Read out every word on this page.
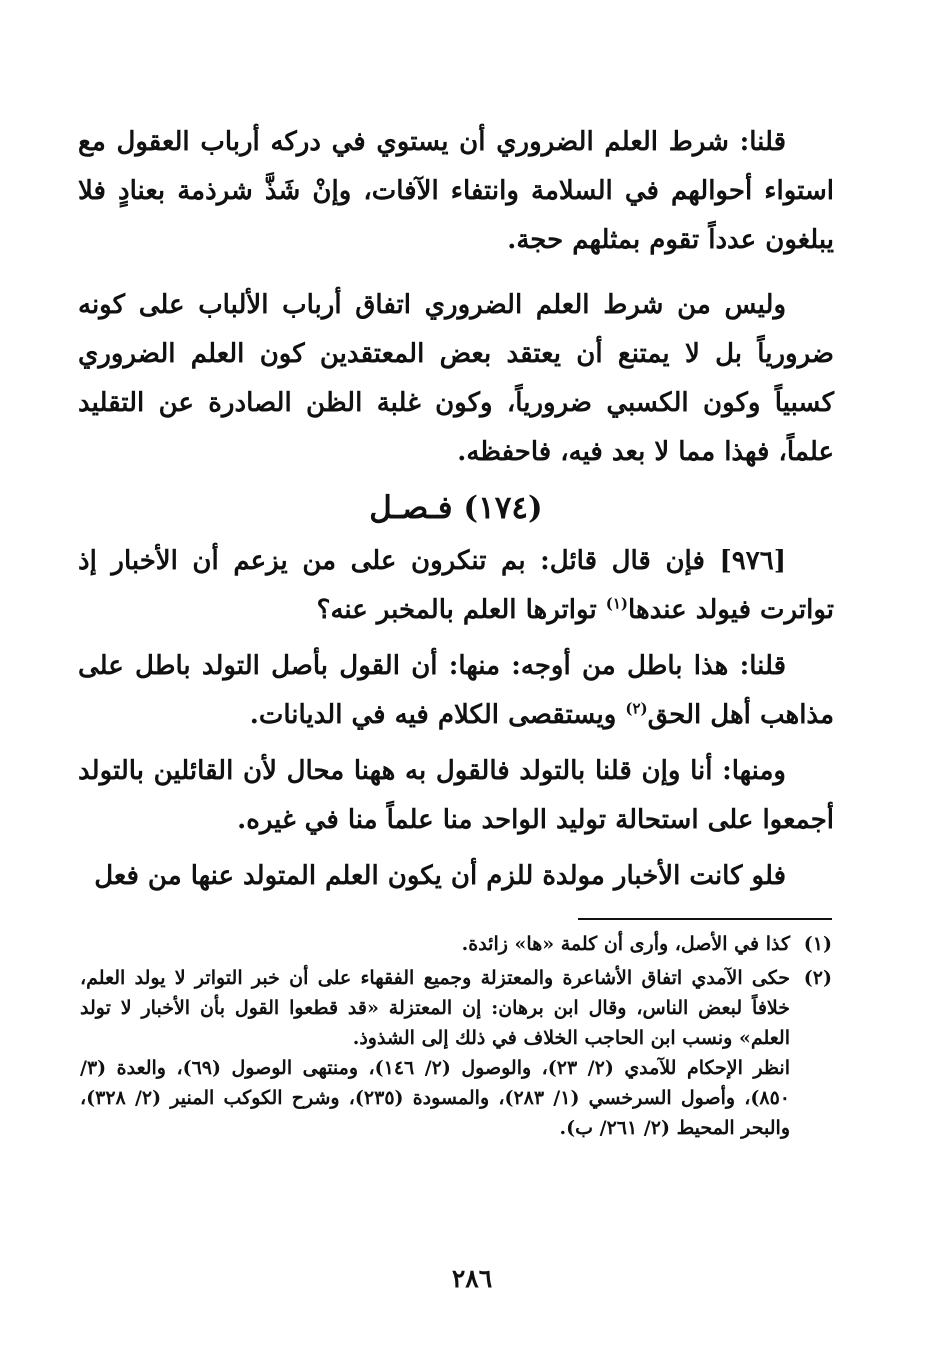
قلنا: شرط العلم الضروري أن يستوي في دركه أرباب العقول مع استواء أحوالهم في السلامة وانتفاء الآفات، وإنْ شَذَّ شرذمة بعنادٍ فلا يبلغون عدداً تقوم بمثلهم حجة.

وليس من شرط العلم الضروري اتفاق أرباب الألباب على كونه ضرورياً بل لا يمتنع أن يعتقد بعض المعتقدين كون العلم الضروري كسبياً وكون الكسبي ضرورياً، وكون غلبة الظن الصادرة عن التقليد علماً، فهذا مما لا بعد فيه، فاحفظه.

(١٧٤) فـصـل

[٩٧٦] فإن قال قائل: بم تنكرون على من يزعم أن الأخبار إذ تواترت فيولد عندها$^{(١)}$ تواترها العلم بالمخبر عنه؟

قلنا: هذا باطل من أوجه: منها: أن القول بأصل التولد باطل على مذاهب أهل الحق$^{(٢)}$ ويستقصى الكلام فيه في الديانات.

ومنها: أنا وإن قلنا بالتولد فالقول به ههنا محال لأن القائلين بالتولد أجمعوا على استحالة توليد الواحد منا علماً منا في غيره.

فلو كانت الأخبار مولدة للزم أن يكون العلم المتولد عنها من فعل

(١)

كذا في الأصل، وأرى أن كلمة «ها» زائدة.

(٢)

حكى الآمدي اتفاق الأشاعرة والمعتزلة وجميع الفقهاء على أن خبر التواتر لا يولد العلم، خلافاً لبعض الناس، وقال ابن برهان: إن المعتزلة «قد قطعوا القول بأن الأخبار لا تولد العلم» ونسب ابن الحاجب الخلاف في ذلك إلى الشذوذ.

انظر الإحكام للآمدي (٢/ ٢٣)، والوصول (٢/ ١٤٦)، ومنتهى الوصول (٦٩)، والعدة (٣/ ٨٥٠)، وأصول السرخسي (١/ ٢٨٣)، والمسودة (٢٣٥)، وشرح الكوكب المنير (٢/ ٣٢٨)، والبحر المحيط (٢/ ٢٦١/ ب).

٢٨٦
